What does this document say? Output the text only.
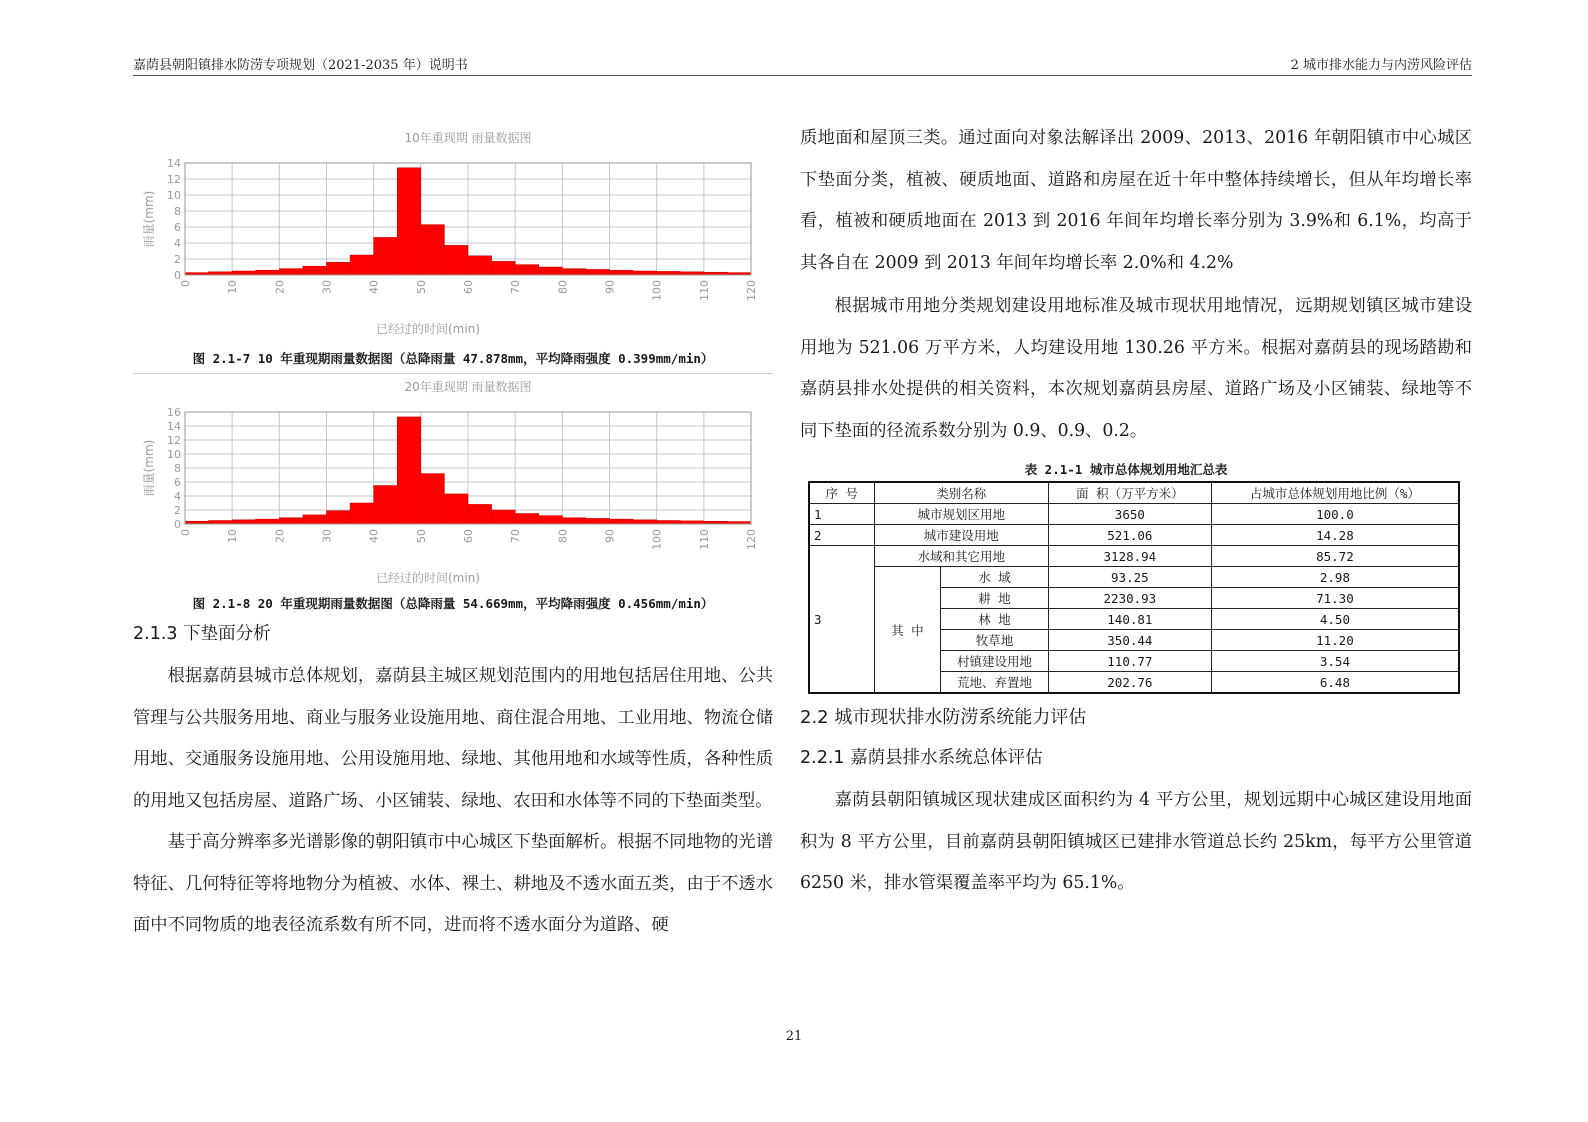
嘉荫县朝阳镇排水防涝专项规划（2021-2035 年）说明书	2 城市排水能力与内涝风险评估
10年重现期 雨量数据图
0
2
4
6
8
10
12
14
0	10	20	30	40	50	60	70	80	90	100	110	120
雨量(mm)
已经过的时间(min)

图 2.1-7 10 年重现期雨量数据图（总降雨量 47.878mm，平均降雨强度 0.399mm/min）

20年重现期 雨量数据图
0
2
4
6
8
10
12
14
16
0	10	20	30	40	50	60	70	80	90	100	110	120
雨量(mm)
已经过的时间(min)

图 2.1-8 20 年重现期雨量数据图（总降雨量 54.669mm，平均降雨强度 0.456mm/min）

2.1.3 下垫面分析

根据嘉荫县城市总体规划，嘉荫县主城区规划范围内的用地包括居住用地、公共管理与公共服务用地、商业与服务业设施用地、商住混合用地、工业用地、物流仓储用地、交通服务设施用地、公用设施用地、绿地、其他用地和水域等性质，各种性质的用地又包括房屋、道路广场、小区铺装、绿地、农田和水体等不同的下垫面类型。

基于高分辨率多光谱影像的朝阳镇市中心城区下垫面解析。根据不同地物的光谱特征、几何特征等将地物分为植被、水体、裸土、耕地及不透水面五类，由于不透水面中不同物质的地表径流系数有所不同，进而将不透水面分为道路、硬

质地面和屋顶三类。通过面向对象法解译出 2009、2013、2016 年朝阳镇市中心城区下垫面分类，植被、硬质地面、道路和房屋在近十年中整体持续增长，但从年均增长率看，植被和硬质地面在 2013 到 2016 年间年均增长率分别为 3.9%和 6.1%，均高于其各自在 2009 到 2013 年间年均增长率 2.0%和 4.2%

根据城市用地分类规划建设用地标准及城市现状用地情况，远期规划镇区城市建设用地为 521.06 万平方米，人均建设用地 130.26 平方米。根据对嘉荫县的现场踏勘和嘉荫县排水处提供的相关资料，本次规划嘉荫县房屋、道路广场及小区铺装、绿地等不同下垫面的径流系数分别为 0.9、0.9、0.2。

表 2.1-1 城市总体规划用地汇总表

序 号	类别名称		面 积（万平方米）	占城市总体规划用地比例（%）
1	城市规划区用地		3650	100.0
2	城市建设用地		521.06	14.28
3	水域和其它用地		3128.94	85.72
	其 中	水 域	93.25	2.98
		耕 地	2230.93	71.30
		林 地	140.81	4.50
		牧草地	350.44	11.20
		村镇建设用地	110.77	3.54
		荒地、弃置地	202.76	6.48

2.2 城市现状排水防涝系统能力评估

2.2.1 嘉荫县排水系统总体评估

嘉荫县朝阳镇城区现状建成区面积约为 4 平方公里，规划远期中心城区建设用地面积为 8 平方公里，目前嘉荫县朝阳镇城区已建排水管道总长约 25km，每平方公里管道 6250 米，排水管渠覆盖率平均为 65.1%。

21
